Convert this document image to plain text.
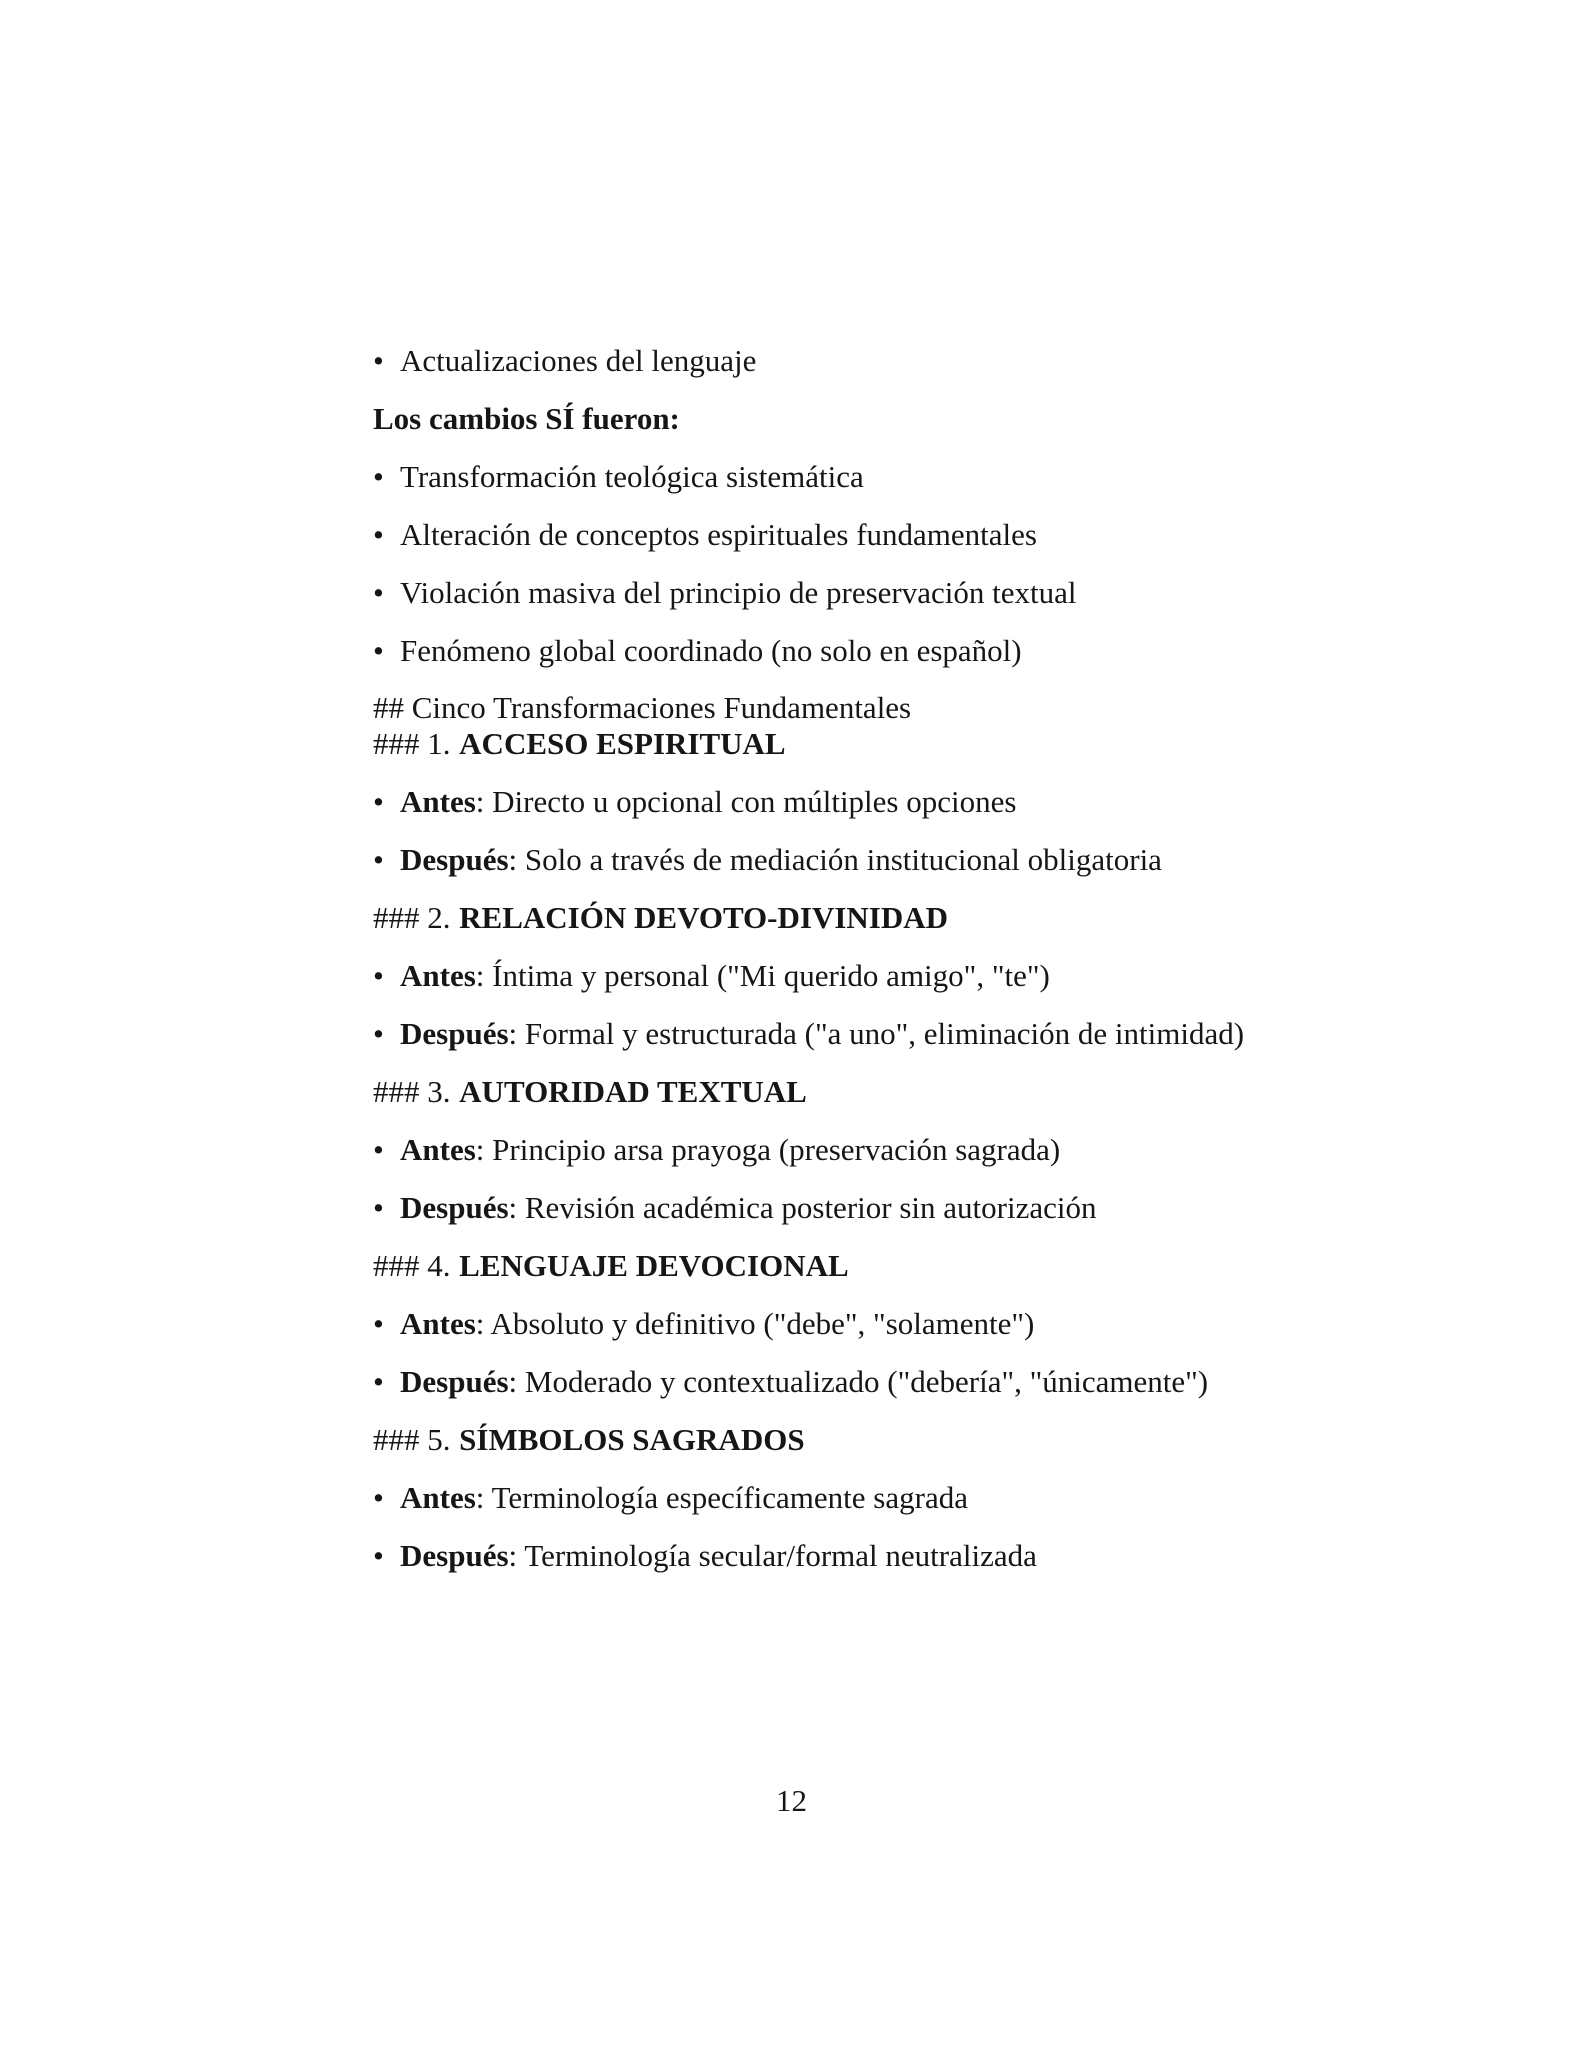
• Actualizaciones del lenguaje
Los cambios SÍ fueron:
• Transformación teológica sistemática
• Alteración de conceptos espirituales fundamentales
• Violación masiva del principio de preservación textual
• Fenómeno global coordinado (no solo en español)
## Cinco Transformaciones Fundamentales
### 1. ACCESO ESPIRITUAL
• Antes: Directo u opcional con múltiples opciones
• Después: Solo a través de mediación institucional obligatoria
### 2. RELACIÓN DEVOTO-DIVINIDAD
• Antes: Íntima y personal ("Mi querido amigo", "te")
• Después: Formal y estructurada ("a uno", eliminación de intimidad)
### 3. AUTORIDAD TEXTUAL
• Antes: Principio arsa prayoga (preservación sagrada)
• Después: Revisión académica posterior sin autorización
### 4. LENGUAJE DEVOCIONAL
• Antes: Absoluto y definitivo ("debe", "solamente")
• Después: Moderado y contextualizado ("debería", "únicamente")
### 5. SÍMBOLOS SAGRADOS
• Antes: Terminología específicamente sagrada
• Después: Terminología secular/formal neutralizada
12
